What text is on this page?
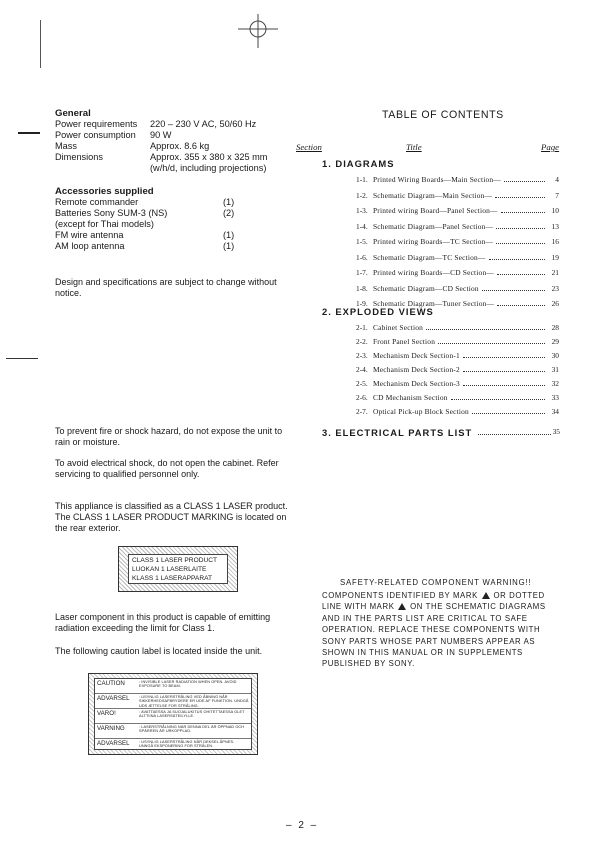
General
Power requirements	220 – 230 V AC, 50/60 Hz
Power consumption	90 W
Mass	Approx. 8.6 kg
Dimensions	Approx. 355 x 380 x 325 mm
(w/h/d, including projections)
Accessories supplied
Remote commander	(1)
Batteries Sony SUM-3 (NS)	(2)
(except for Thai models)
FM wire antenna	(1)
AM loop antenna	(1)
Design and specifications are subject to change without notice.
To prevent fire or shock hazard, do not expose the unit to rain or moisture.
To avoid electrical shock, do not open the cabinet. Refer servicing to qualified personnel only.
This appliance is classified as a CLASS 1 LASER product. The CLASS 1 LASER PRODUCT MARKING is located on the rear exterior.
CLASS 1 LASER PRODUCT
LUOKAN 1 LASERLAITE
KLASS 1 LASERAPPARAT
Laser component in this product is capable of emitting radiation exceeding the limit for Class 1.
The following caution label is located inside the unit.
CAUTION	: INVISIBLE LASER RADIATION WHEN OPEN. AVOID EXPOSURE TO BEAM.
ADVARSEL	: USYNLIG LASERSTRÅLING VED ÅBNING NÅR SIKKERHEDSAFBRYDERE ER UDE AF FUNKTION. UNDGÅ UDS ÆTTELSE FOR STRÅLING.
VARO!	: AVATTAESSA JA SUOJALUKITUS OHITETTAESSA OLET ALTTIINA LASERSÄTEILYLLE.
VARNING	: LASERSTRÅLNING NÄR DENNA DEL ÄR ÖPPNAD OCH SPÄRREN ÄR URKOPPLAD.
ADVARSEL	: USYNLIG LASERSTRÅLING NÅR DEKSEL ÅPNES. UNNGÅ EKSPONERING FOR STRÅLEN.
TABLE OF CONTENTS
Section	Title	Page
1. DIAGRAMS
1-1. Printed Wiring Boards—Main Section—	4
1-2. Schematic Diagram—Main Section—	7
1-3. Printed wiring Board—Panel Section—	10
1-4. Schematic Diagram—Panel Section—	13
1-5. Printed wiring Boards—TC Section—	16
1-6. Schematic Diagram—TC Section—	19
1-7. Printed wiring Boards—CD Section—	21
1-8. Schematic Diagram—CD Section	23
1-9. Schematic Diagram—Tuner Section—	26
2. EXPLODED VIEWS
2-1. Cabinet Section	28
2-2. Front Panel Section	29
2-3. Mechanism Deck Section-1	30
2-4. Mechanism Deck Section-2	31
2-5. Mechanism Deck Section-3	32
2-6. CD Mechanism Section	33
2-7. Optical Pick-up Block Section	34
3. ELECTRICAL PARTS LIST	35
SAFETY-RELATED COMPONENT WARNING!!
COMPONENTS IDENTIFIED BY MARK OR DOTTED LINE WITH MARK ON THE SCHEMATIC DIAGRAMS AND IN THE PARTS LIST ARE CRITICAL TO SAFE OPERATION. REPLACE THESE COMPONENTS WITH SONY PARTS WHOSE PART NUMBERS APPEAR AS SHOWN IN THIS MANUAL OR IN SUPPLEMENTS PUBLISHED BY SONY.
– 2 –
